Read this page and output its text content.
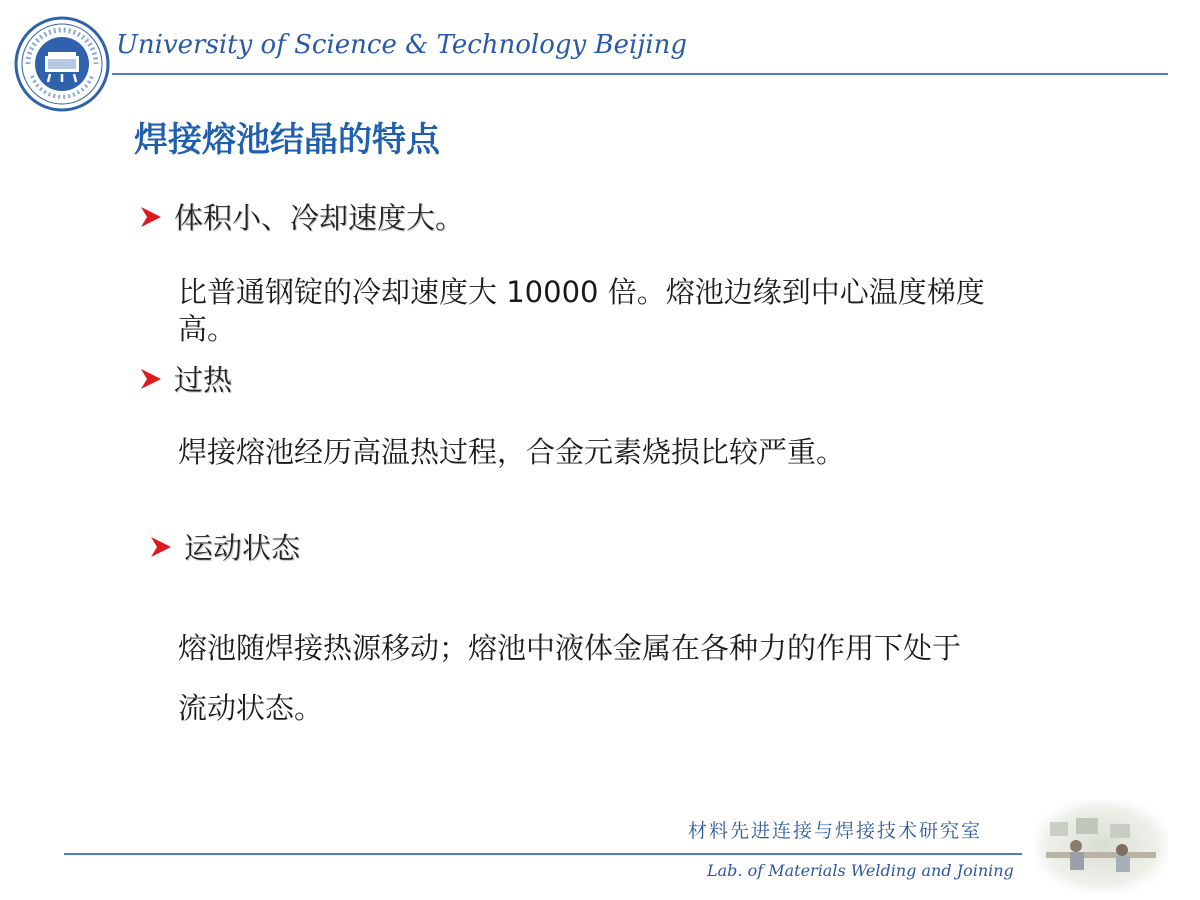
University of Science & Technology Beijing
焊接熔池结晶的特点
体积小、冷却速度大。
比普通钢锭的冷却速度大 10000 倍。熔池边缘到中心温度梯度
高。
过热
焊接熔池经历高温热过程，合金元素烧损比较严重。
运动状态
熔池随焊接热源移动；熔池中液体金属在各种力的作用下处于
流动状态。
材料先进连接与焊接技术研究室
Lab. of Materials Welding and Joining
